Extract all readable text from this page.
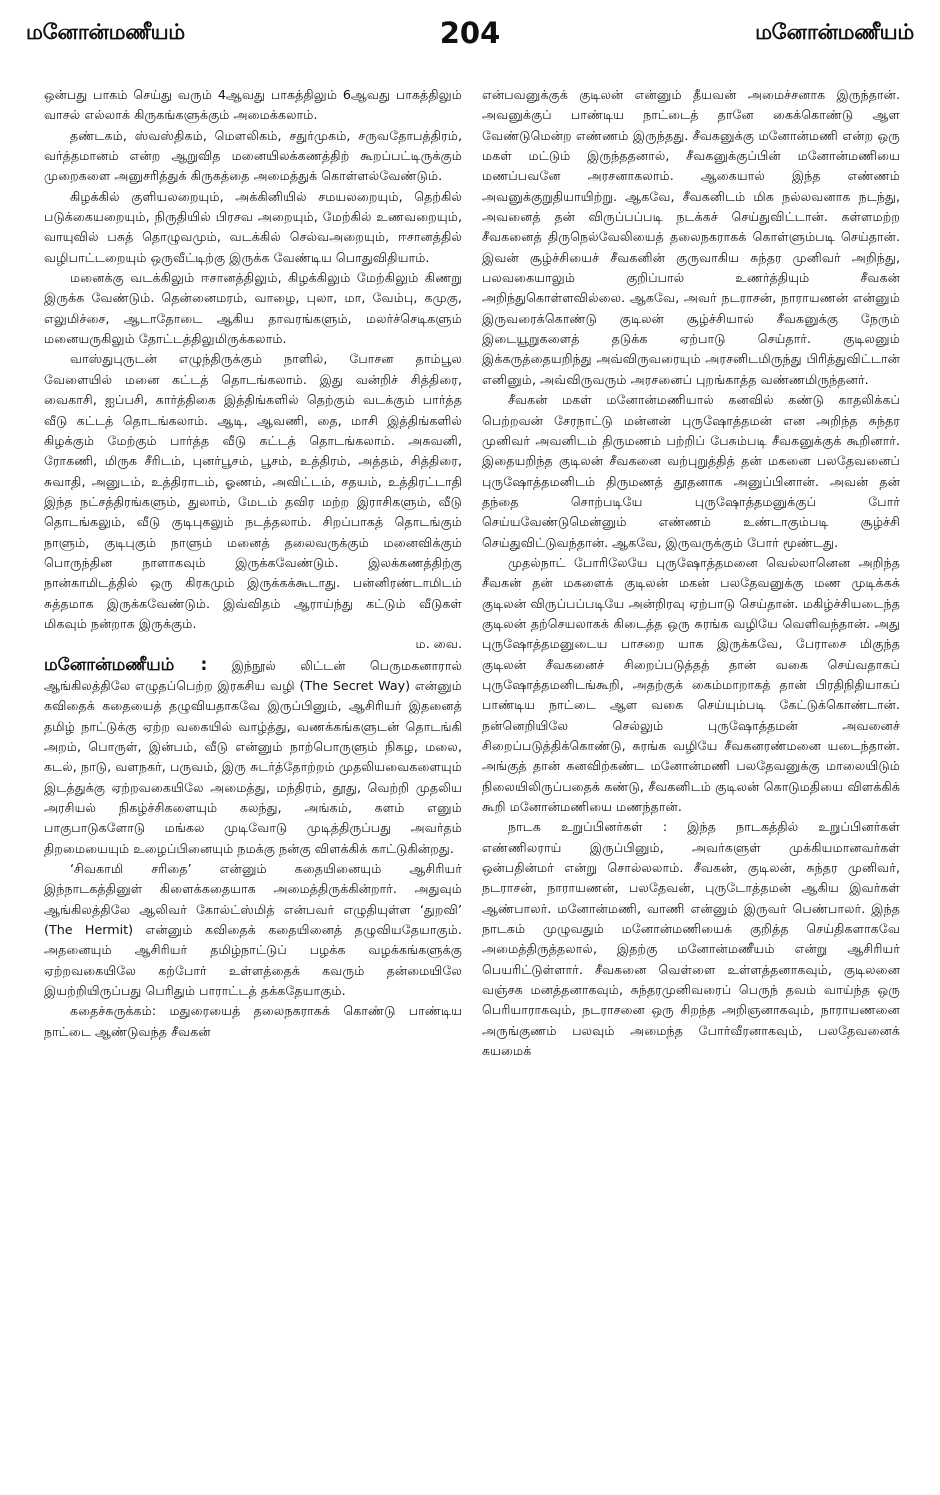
மனோன்மணீயம்	204	மனோன்மணீயம்

ஒன்பது பாகம் செய்து வரும் 4ஆவது பாகத்திலும் 6ஆவது பாகத்திலும் வாசல் எல்லாக் கிருகங்களுக்கும் அமைக்கலாம்.

தண்டகம், ஸ்வஸ்திகம், மௌலிகம், சதுர்முகம், சருவதோபத்திரம், வர்த்தமானம் என்ற ஆறுவித மனையிலக்கணத்திற் கூறப்பட்டிருக்கும் முறைகளை அனுசரித்துக் கிருகத்தை அமைத்துக் கொள்ளல்வேண்டும்.

கிழக்கில் குளியலறையும், அக்கினியில் சமயலறையும், தெற்கில் படுக்கையறையும், நிருதியில் பிரசவ அறையும், மேற்கில் உணவறையும், வாயுவில் பசுத் தொழுவமும், வடக்கில் செல்வஅறையும், ஈசானத்தில் வழிபாட்டறையும் ஒருவீட்டிற்கு இருக்க வேண்டிய பொதுவிதியாம்.

மனைக்கு வடக்கிலும் ஈசானத்திலும், கிழக்கிலும் மேற்கிலும் கிணறு இருக்க வேண்டும். தென்னைமரம், வாழை, புலா, மா, வேம்பு, கமுகு, எலுமிச்சை, ஆடாதோடை ஆகிய தாவரங்களும், மலர்ச்செடிகளும் மனையருகிலும் தோட்டத்திலுமிருக்கலாம்.

வாஸ்துபுருடன் எழுந்திருக்கும் நாளில், போசன தாம்பூல வேளையில் மனை கட்டத் தொடங்கலாம். இது வன்றிச் சித்திரை, வைகாசி, ஐப்பசி, கார்த்திகை இத்திங்களில் தெற்கும் வடக்கும் பார்த்த வீடு கட்டத் தொடங்கலாம். ஆடி, ஆவணி, தை, மாசி இத்திங்களில் கிழக்கும் மேற்கும் பார்த்த வீடு கட்டத் தொடங்கலாம். அசுவனி, ரோகணி, மிருக சீரிடம், புனர்பூசம், பூசம், உத்திரம், அத்தம், சித்திரை, சுவாதி, அனுடம், உத்திராடம், ஓணம், அவிட்டம், சதயம், உத்திரட்டாதி இந்த நட்சத்திரங்களும், துலாம், மேடம் தவிர மற்ற இராசிகளும், வீடு தொடங்கலும், வீடு குடிபுகலும் நடத்தலாம். சிறப்பாகத் தொடங்கும் நாளும், குடிபுகும் நாளும் மனைத் தலைவருக்கும் மனைவிக்கும் பொருந்தின நாளாகவும் இருக்கவேண்டும். இலக்கணத்திற்கு நான்காமிடத்தில் ஒரு கிரகமும் இருக்கக்கூடாது. பன்னிரண்டாமிடம் சுத்தமாக இருக்கவேண்டும். இவ்விதம் ஆராய்ந்து கட்டும் வீடுகள் மிகவும் நன்றாக இருக்கும்.

ம. வை.

மனோன்மணீயம் : இந்நூல் லிட்டன் பெருமகனாரால் ஆங்கிலத்திலே எழுதப்பெற்ற இரகசிய வழி (The Secret Way) என்னும் கவிதைக் கதையைத் தழுவியதாகவே இருப்பினும், ஆசிரியர் இதனைத் தமிழ் நாட்டுக்கு ஏற்ற வகையில் வாழ்த்து, வணக்கங்களுடன் தொடங்கி அறம், பொருள், இன்பம், வீடு என்னும் நாற்பொருளும் நிகழ, மலை, கடல், நாடு, வளநகர், பருவம், இரு சுடர்த்தோற்றம் முதலியவைகளையும் இடத்துக்கு ஏற்றவகையிலே அமைத்து, மந்திரம், தூது, வெற்றி முதலிய அரசியல் நிகழ்ச்சிகளையும் கலந்து, அங்கம், களம் எனும் பாகுபாடுகளோடு மங்கல முடிவோடு முடித்திருப்பது அவர்தம் திறமையையும் உழைப்பினையும் நமக்கு நன்கு விளக்கிக் காட்டுகின்றது.

‘சிவகாமி சரிதை’ என்னும் கதையினையும் ஆசிரியர் இந்நாடகத்தினுள் கிளைக்கதையாக அமைத்திருக்கின்றார். அதுவும் ஆங்கிலத்திலே ஆலிவர் கோல்ட்ஸ்மித் என்பவர் எழுதியுள்ள ‘துறவி’ (The Hermit) என்னும் கவிதைக் கதையினைத் தழுவியதேயாகும். அதனையும் ஆசிரியர் தமிழ்நாட்டுப் பழக்க வழக்கங்களுக்கு ஏற்றவகையிலே கற்போர் உள்ளத்தைக் கவரும் தன்மையிலே இயற்றியிருப்பது பெரிதும் பாராட்டத் தக்கதேயாகும்.

கதைச்சுருக்கம்: மதுரையைத் தலைநகராகக் கொண்டு பாண்டிய நாட்டை ஆண்டுவந்த சீவகன்

என்பவனுக்குக் குடிலன் என்னும் தீயவன் அமைச்சனாக இருந்தான். அவனுக்குப் பாண்டிய நாட்டைத் தானே கைக்கொண்டு ஆள வேண்டுமென்ற எண்ணம் இருந்தது. சீவகனுக்கு மனோன்மணி என்ற ஒரு மகள் மட்டும் இருந்ததனால், சீவகனுக்குப்பின் மனோன்மணியை மணப்பவனே அரசனாகலாம். ஆகையால் இந்த எண்ணம் அவனுக்குறுதியாயிற்று. ஆகவே, சீவகனிடம் மிக நல்லவனாக நடந்து, அவனைத் தன் விருப்பப்படி நடக்கச் செய்துவிட்டான். கள்ளமற்ற சீவகனைத் திருநெல்வேலியைத் தலைநகராகக் கொள்ளும்படி செய்தான். இவன் சூழ்ச்சியைச் சீவகனின் குருவாகிய சுந்தர முனிவர் அறிந்து, பலவகையாலும் குறிப்பால் உணர்த்தியும் சீவகன் அறிந்துகொள்ளவில்லை. ஆகவே, அவர் நடராசன், நாராயணன் என்னும் இருவரைக்கொண்டு குடிலன் சூழ்ச்சியால் சீவகனுக்கு நேரும் இடையூறுகளைத் தடுக்க ஏற்பாடு செய்தார். குடிலனும் இக்கருத்தையறிந்து அவ்விருவரையும் அரசனிடமிருந்து பிரித்துவிட்டான் எனினும், அவ்விருவரும் அரசனைப் புறங்காத்த வண்ணமிருந்தனர்.

சீவகன் மகள் மனோன்மணியால் கனவில் கண்டு காதலிக்கப் பெற்றவன் சேரநாட்டு மன்னன் புருஷோத்தமன் என அறிந்த சுந்தர முனிவர் அவனிடம் திருமணம் பற்றிப் பேசும்படி சீவகனுக்குக் கூறினார். இதையறிந்த குடிலன் சீவகனை வற்புறுத்தித் தன் மகனை பலதேவனைப் புருஷோத்தமனிடம் திருமணத் தூதனாக அனுப்பினான். அவன் தன் தந்தை சொற்படியே புருஷோத்தமனுக்குப் போர் செய்யவேண்டுமென்னும் எண்ணம் உண்டாகும்படி சூழ்ச்சி செய்துவிட்டுவந்தான். ஆகவே, இருவருக்கும் போர் மூண்டது.

முதல்நாட் போரிலேயே புருஷோத்தமனை வெல்லானென அறிந்த சீவகன் தன் மகளைக் குடிலன் மகன் பலதேவனுக்கு மண முடிக்கக் குடிலன் விருப்பப்படியே அன்றிரவு ஏற்பாடு செய்தான். மகிழ்ச்சியடைந்த குடிலன் தற்செயலாகக் கிடைத்த ஒரு சுரங்க வழியே வெளிவந்தான். அது புருஷோத்தமனுடைய பாசறை யாக இருக்கவே, பேராசை மிகுந்த குடிலன் சீவகனைச் சிறைப்படுத்தத் தான் வகை செய்வதாகப் புருஷோத்தமனிடங்கூறி, அதற்குக் கைம்மாறாகத் தான் பிரதிநிதியாகப் பாண்டிய நாட்டை ஆள வகை செய்யும்படி கேட்டுக்கொண்டான். நன்னெறியிலே செல்லும் புருஷோத்தமன் அவனைச் சிறைப்படுத்திக்கொண்டு, சுரங்க வழியே சீவகனரண்மனை யடைந்தான். அங்குத் தான் கனவிற்கண்ட மனோன்மணி பலதேவனுக்கு மாலையிடும் நிலையிலிருப்பதைக் கண்டு, சீவகனிடம் குடிலன் கொடுமதியை விளக்கிக் கூறி மனோன்மணியை மணந்தான்.

நாடக உறுப்பினர்கள் : இந்த நாடகத்தில் உறுப்பினர்கள் எண்ணிலராய் இருப்பினும், அவர்களுள் முக்கியமானவர்கள் ஒன்பதின்மர் என்று சொல்லலாம். சீவகன், குடிலன், சுந்தர முனிவர், நடராசன், நாராயணன், பலதேவன், புருடோத்தமன் ஆகிய இவர்கள் ஆண்பாலர். மனோன்மணி, வாணி என்னும் இருவர் பெண்பாலர். இந்த நாடகம் முழுவதும் மனோன்மணியைக் குறித்த செய்திகளாகவே அமைத்திருத்தலால், இதற்கு மனோன்மணீயம் என்று ஆசிரியர் பெயரிட்டுள்ளார். சீவகனை வெள்ளை உள்ளத்தனாகவும், குடிலனை வஞ்சக மனத்தனாகவும், சுந்தரமுனிவரைப் பெருந் தவம் வாய்ந்த ஒரு பெரியாராகவும், நடராசனை ஒரு சிறந்த அறிஞனாகவும், நாராயணனை அருங்குணம் பலவும் அமைந்த போர்வீரனாகவும், பலதேவனைக் கயமைக்
